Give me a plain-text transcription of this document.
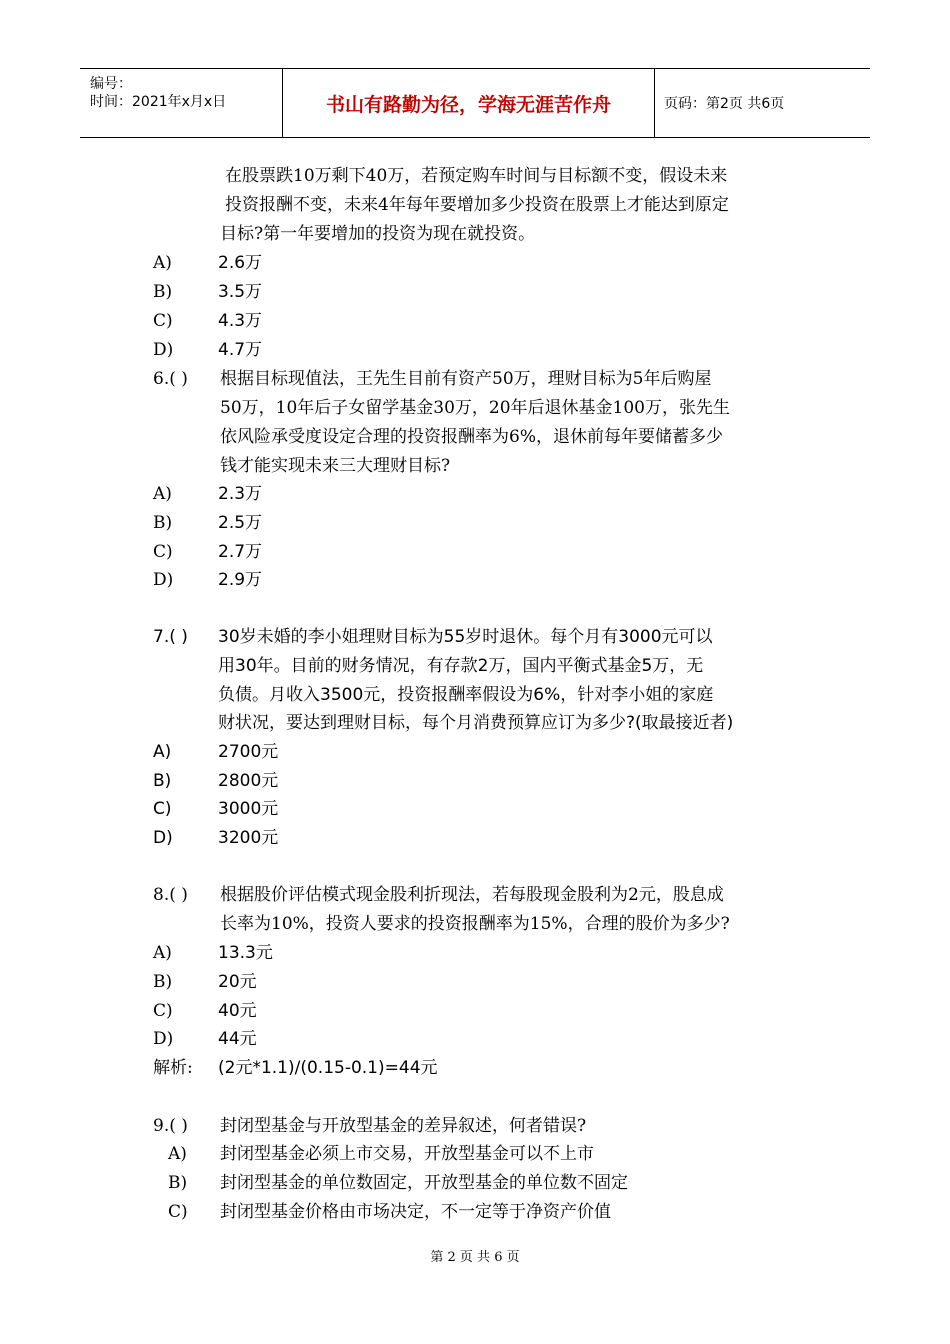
编号：
时间：2021年x月x日	书山有路勤为径，学海无涯苦作舟	页码：第2页 共6页
在股票跌10万剩下40万，若预定购车时间与目标额不变，假设未来
投资报酬不变，未来4年每年要增加多少投资在股票上才能达到原定
目标?第一年要增加的投资为现在就投资。
A)	2.6万
B)	3.5万
C)	4.3万
D)	4.7万
6.( ) 根据目标现值法，王先生目前有资产50万，理财目标为5年后购屋
50万，10年后子女留学基金30万，20年后退休基金100万，张先生
依风险承受度设定合理的投资报酬率为6%，退休前每年要储蓄多少
钱才能实现未来三大理财目标?
A)	2.3万
B)	2.5万
C)	2.7万
D)	2.9万
7.( ) 30岁未婚的李小姐理财目标为55岁时退休。每个月有3000元可以
用30年。目前的财务情况，有存款2万，国内平衡式基金5万，无
负债。月收入3500元，投资报酬率假设为6%，针对李小姐的家庭
财状况，要达到理财目标，每个月消费预算应订为多少?(取最接近者)
A)	2700元
B)	2800元
C)	3000元
D)	3200元
8.( ) 根据股价评估模式现金股利折现法，若每股现金股利为2元，股息成
长率为10%，投资人要求的投资报酬率为15%，合理的股价为多少?
A)	13.3元
B)	20元
C)	40元
D)	44元
解析: (2元*1.1)/(0.15-0.1)=44元
9.( ) 封闭型基金与开放型基金的差异叙述，何者错误?
A) 封闭型基金必须上市交易，开放型基金可以不上市
B) 封闭型基金的单位数固定，开放型基金的单位数不固定
C) 封闭型基金价格由市场决定，不一定等于净资产价值
第 2 页 共 6 页
